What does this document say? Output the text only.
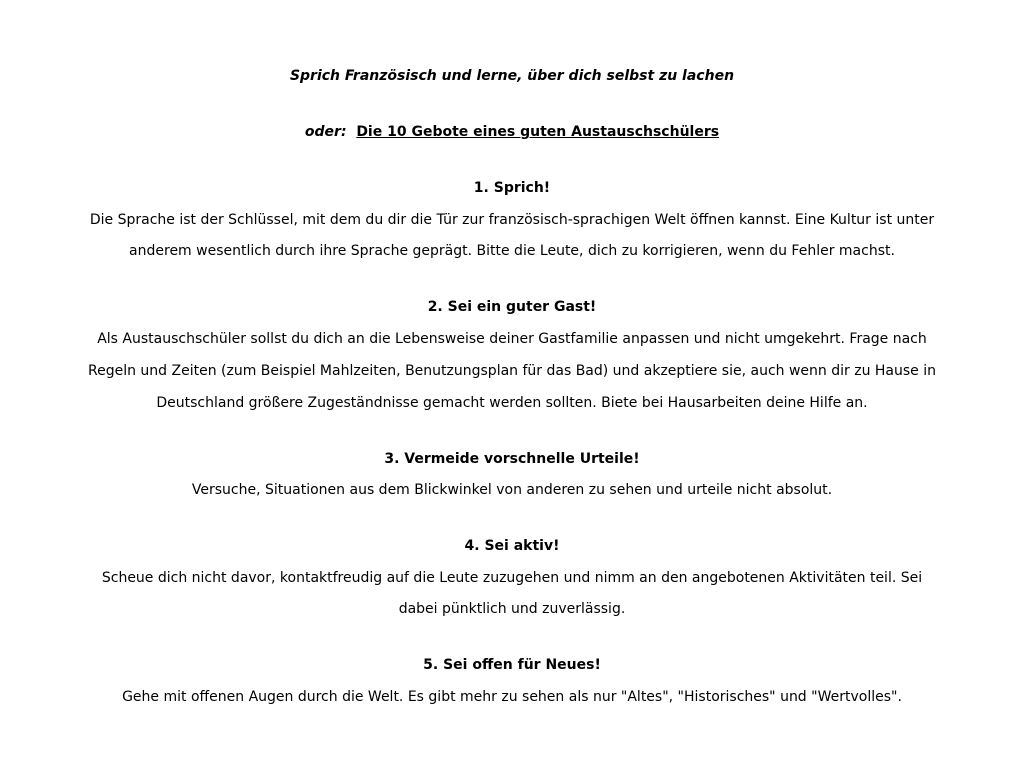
Sprich Französisch und lerne, über dich selbst zu lachen
oder: Die 10 Gebote eines guten Austauschschülers
1. Sprich!
Die Sprache ist der Schlüssel, mit dem du dir die Tür zur französisch-sprachigen Welt öffnen kannst. Eine Kultur ist unter
anderem wesentlich durch ihre Sprache geprägt. Bitte die Leute, dich zu korrigieren, wenn du Fehler machst.
2. Sei ein guter Gast!
Als Austauschschüler sollst du dich an die Lebensweise deiner Gastfamilie anpassen und nicht umgekehrt. Frage nach
Regeln und Zeiten (zum Beispiel Mahlzeiten, Benutzungsplan für das Bad) und akzeptiere sie, auch wenn dir zu Hause in
Deutschland größere Zugeständnisse gemacht werden sollten. Biete bei Hausarbeiten deine Hilfe an.
3. Vermeide vorschnelle Urteile!
Versuche, Situationen aus dem Blickwinkel von anderen zu sehen und urteile nicht absolut.
4. Sei aktiv!
Scheue dich nicht davor, kontaktfreudig auf die Leute zuzugehen und nimm an den angebotenen Aktivitäten teil. Sei
dabei pünktlich und zuverlässig.
5. Sei offen für Neues!
Gehe mit offenen Augen durch die Welt. Es gibt mehr zu sehen als nur "Altes", "Historisches" und "Wertvolles".
